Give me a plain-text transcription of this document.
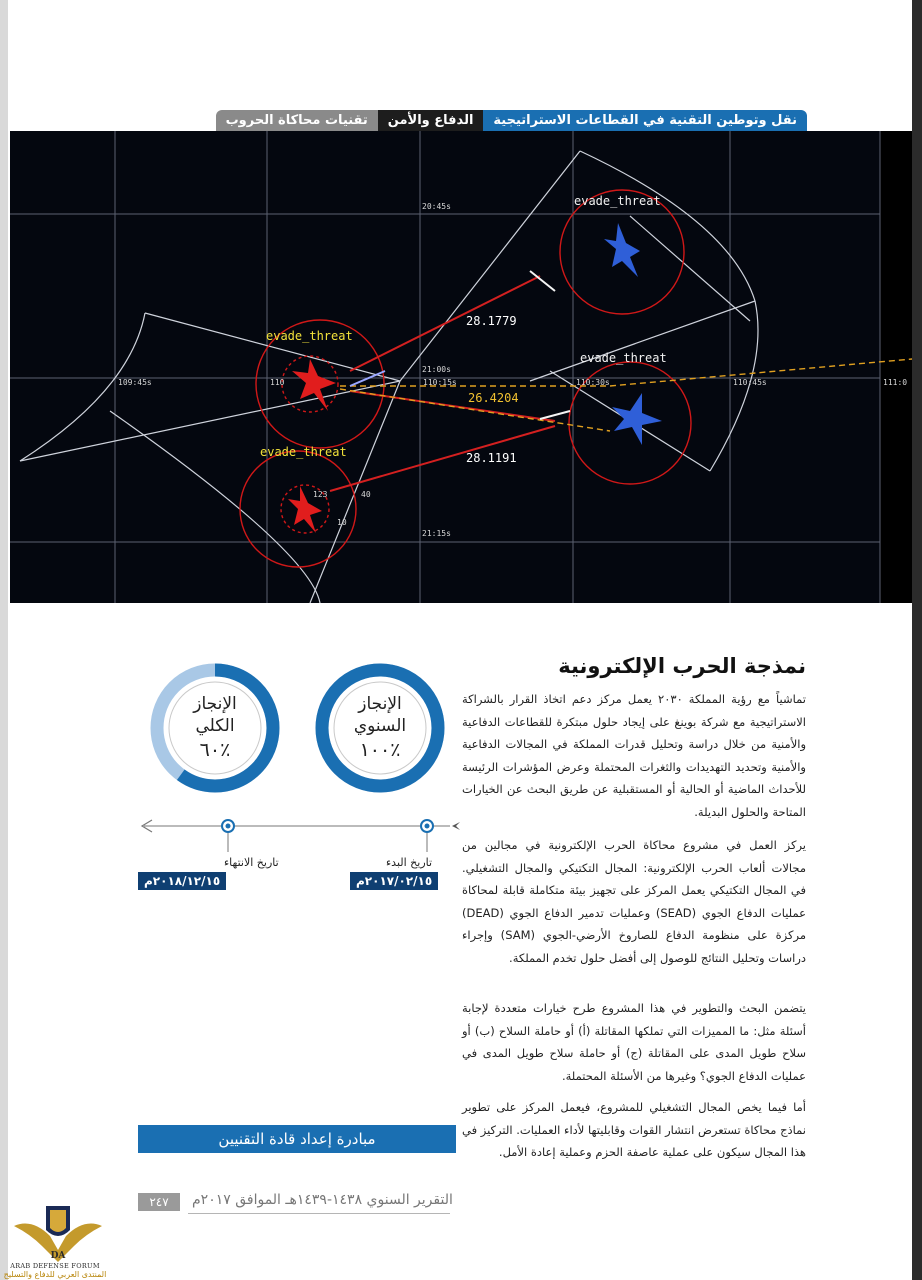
تقنيات محاكاة الحروب	الدفاع والأمن	نقل وتوطين التقنية في القطاعات الاستراتيجية
evade_threat
evade_threat
evade_threat
evade_threat
28.1779
28.1191
26.4204
20:45s
21:00s
21:15s
109:45s	110	110:15s	110:30s	110:45s	111:0
123	40
10
نمذجة الحرب الإلكترونية

تماشياً مع رؤية المملكة ٢٠٣٠ يعمل مركز دعم اتخاذ القرار بالشراكة الاستراتيجية مع شركة بوينغ على إيجاد حلول مبتكرة للقطاعات الدفاعية والأمنية من خلال دراسة وتحليل قدرات المملكة في المجالات الدفاعية والأمنية وتحديد التهديدات والثغرات المحتملة وعرض المؤشرات الرئيسة للأحداث الماضية أو الحالية أو المستقبلية عن طريق البحث عن الخيارات المتاحة والحلول البديلة.

يركز العمل في مشروع محاكاة الحرب الإلكترونية في مجالين من مجالات ألعاب الحرب الإلكترونية: المجال التكتيكي والمجال التشغيلي. في المجال التكتيكي يعمل المركز على تجهيز بيئة متكاملة قابلة لمحاكاة عمليات الدفاع الجوي (SEAD) وعمليات تدمير الدفاع الجوي (DEAD) مركزة على منظومة الدفاع للصاروخ الأرضي-الجوي (SAM) وإجراء دراسات وتحليل النتائج للوصول إلى أفضل حلول تخدم المملكة.

يتضمن البحث والتطوير في هذا المشروع طرح خيارات متعددة لإجابة أسئلة مثل: ما المميزات التي تملكها المقاتلة (أ) أو حاملة السلاح (ب) أو سلاح طويل المدى على المقاتلة (ج) أو حاملة سلاح طويل المدى في عمليات الدفاع الجوي؟ وغيرها من الأسئلة المحتملة.

أما فيما يخص المجال التشغيلي للمشروع، فيعمل المركز على تطوير نماذج محاكاة تستعرض انتشار القوات وقابليتها لأداء العمليات. التركيز في هذا المجال سيكون على عملية عاصفة الحزم وعملية إعادة الأمل.

الإنجاز
السنوي
٪١٠٠
الإنجاز
الكلي
٪٦٠
تاريخ البدء
٢٠١٧/٠٢/١٥م
تاريخ الانتهاء
٢٠١٨/١٢/١٥م
مبادرة إعداد قادة التقنيين
٢٤٧	التقرير السنوي ١٤٣٨-١٤٣٩هـ الموافق ٢٠١٧م
DA
ARAB DEFENSE FORUM
المنتدى العربي للدفاع والتسليح
